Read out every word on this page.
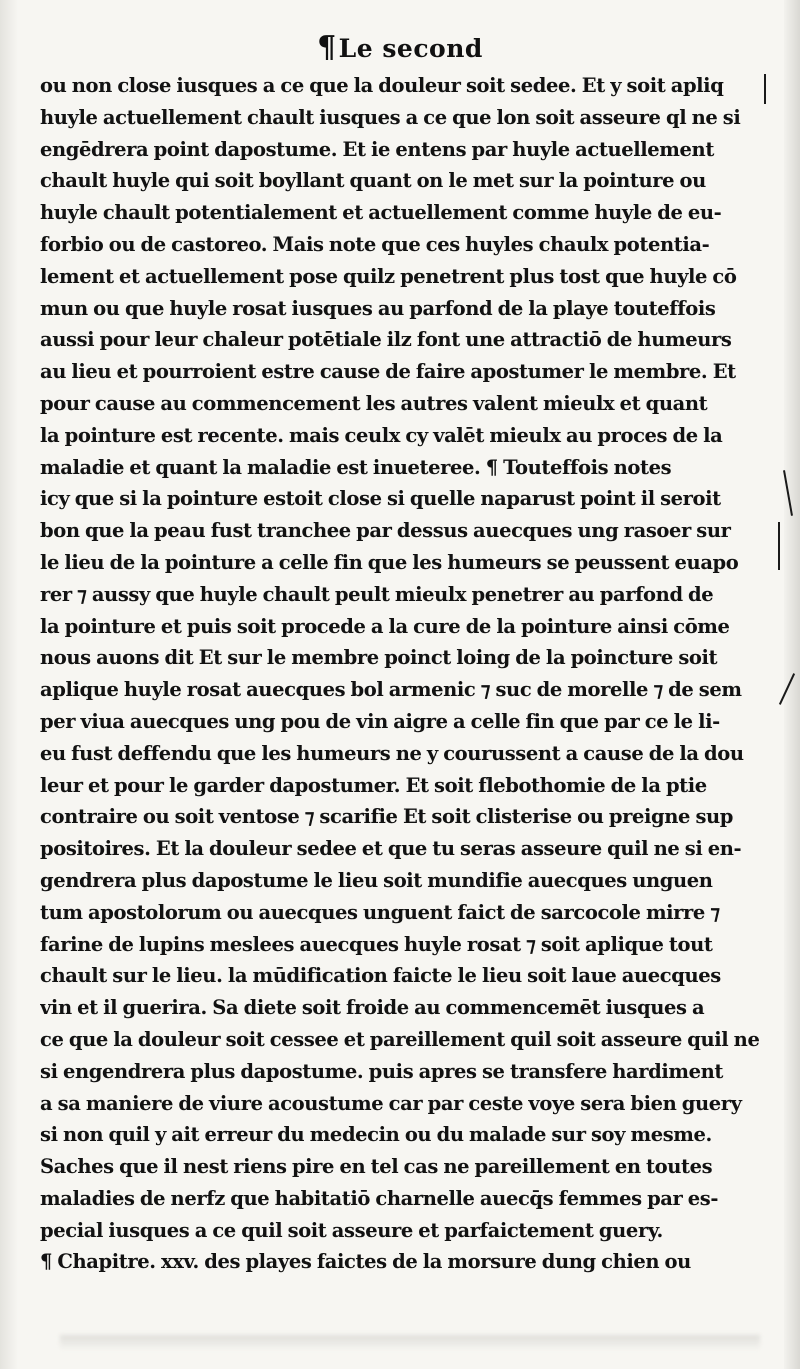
¶Le second
ou non close iusques a ce que la douleur soit sedee. Et y soit apliq
huyle actuellement chault iusques a ce que lon soit asseure ql ne si
engēdrera point dapostume. Et ie entens par huyle actuellement
chault huyle qui soit boyllant quant on le met sur la pointure ou
huyle chault potentialement et actuellement comme huyle de eu-
forbio ou de castoreo. Mais note que ces huyles chaulx potentia-
lement et actuellement pose quilz penetrent plus tost que huyle cō
mun ou que huyle rosat iusques au parfond de la playe touteffois
aussi pour leur chaleur potētiale ilz font une attractiō de humeurs
au lieu et pourroient estre cause de faire apostumer le membre. Et
pour cause au commencement les autres valent mieulx et quant
la pointure est recente. mais ceulx cy valēt mieulx au proces de la
maladie et quant la maladie est inueteree. ¶ Touteffois notes
icy que si la pointure estoit close si quelle naparust point il seroit
bon que la peau fust tranchee par dessus auecques ung rasoer sur
le lieu de la pointure a celle fin que les humeurs se peussent euapo
rer ⁊ aussy que huyle chault peult mieulx penetrer au parfond de
la pointure et puis soit procede a la cure de la pointure ainsi cōme
nous auons dit Et sur le membre poinct loing de la poincture soit
aplique huyle rosat auecques bol armenic ⁊ suc de morelle ⁊ de sem
per viua auecques ung pou de vin aigre a celle fin que par ce le li-
eu fust deffendu que les humeurs ne y courussent a cause de la dou
leur et pour le garder dapostumer. Et soit flebothomie de la ptie
contraire ou soit ventose ⁊ scarifie Et soit clisterise ou preigne sup
positoires. Et la douleur sedee et que tu seras asseure quil ne si en-
gendrera plus dapostume le lieu soit mundifie auecques unguen
tum apostolorum ou auecques unguent faict de sarcocole mirre ⁊
farine de lupins meslees auecques huyle rosat ⁊ soit aplique tout
chault sur le lieu. la mūdification faicte le lieu soit laue auecques
vin et il guerira. Sa diete soit froide au commencemēt iusques a
ce que la douleur soit cessee et pareillement quil soit asseure quil ne
si engendrera plus dapostume. puis apres se transfere hardiment
a sa maniere de viure acoustume car par ceste voye sera bien guery
si non quil y ait erreur du medecin ou du malade sur soy mesme.
Saches que il nest riens pire en tel cas ne pareillement en toutes
maladies de nerfz que habitatiō charnelle auecq̄s femmes par es-
pecial iusques a ce quil soit asseure et parfaictement guery.
¶ Chapitre. xxv. des playes faictes de la morsure dung chien ou
